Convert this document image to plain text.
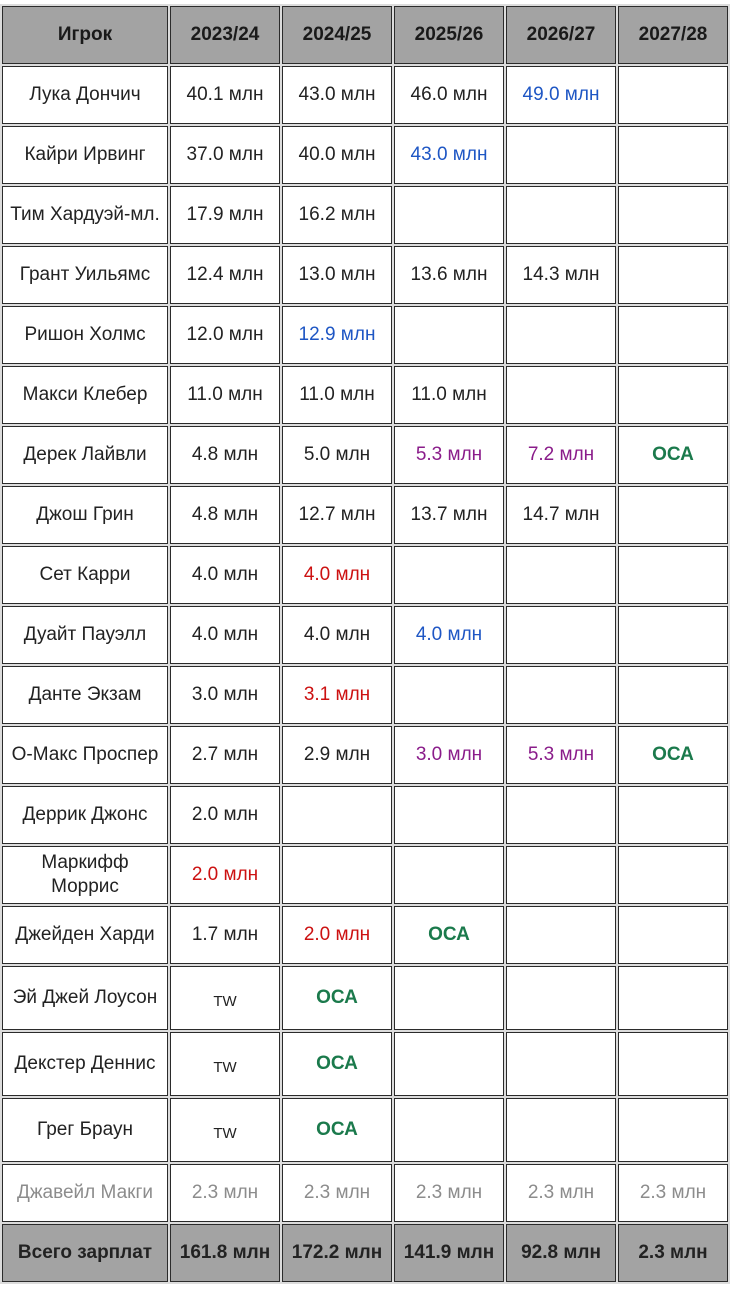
Игрок	2023/24	2024/25	2025/26	2026/27	2027/28
Лука Дончич	40.1 млн	43.0 млн	46.0 млн	49.0 млн	
Кайри Ирвинг	37.0 млн	40.0 млн	43.0 млн		
Тим Хардуэй-мл.	17.9 млн	16.2 млн			
Грант Уильямс	12.4 млн	13.0 млн	13.6 млн	14.3 млн	
Ришон Холмс	12.0 млн	12.9 млн			
Макси Клебер	11.0 млн	11.0 млн	11.0 млн		
Дерек Лайвли	4.8 млн	5.0 млн	5.3 млн	7.2 млн	ОСА
Джош Грин	4.8 млн	12.7 млн	13.7 млн	14.7 млн	
Сет Карри	4.0 млн	4.0 млн			
Дуайт Пауэлл	4.0 млн	4.0 млн	4.0 млн		
Данте Экзам	3.0 млн	3.1 млн			
О-Макс Проспер	2.7 млн	2.9 млн	3.0 млн	5.3 млн	ОСА
Деррик Джонс	2.0 млн				
Маркифф Моррис	2.0 млн				
Джейден Харди	1.7 млн	2.0 млн	ОСА		
Эй Джей Лоусон	TW	ОСА			
Декстер Деннис	TW	ОСА			
Грег Браун	TW	ОСА			
Джавейл Макги	2.3 млн	2.3 млн	2.3 млн	2.3 млн	2.3 млн
Всего зарплат	161.8 млн	172.2 млн	141.9 млн	92.8 млн	2.3 млн
